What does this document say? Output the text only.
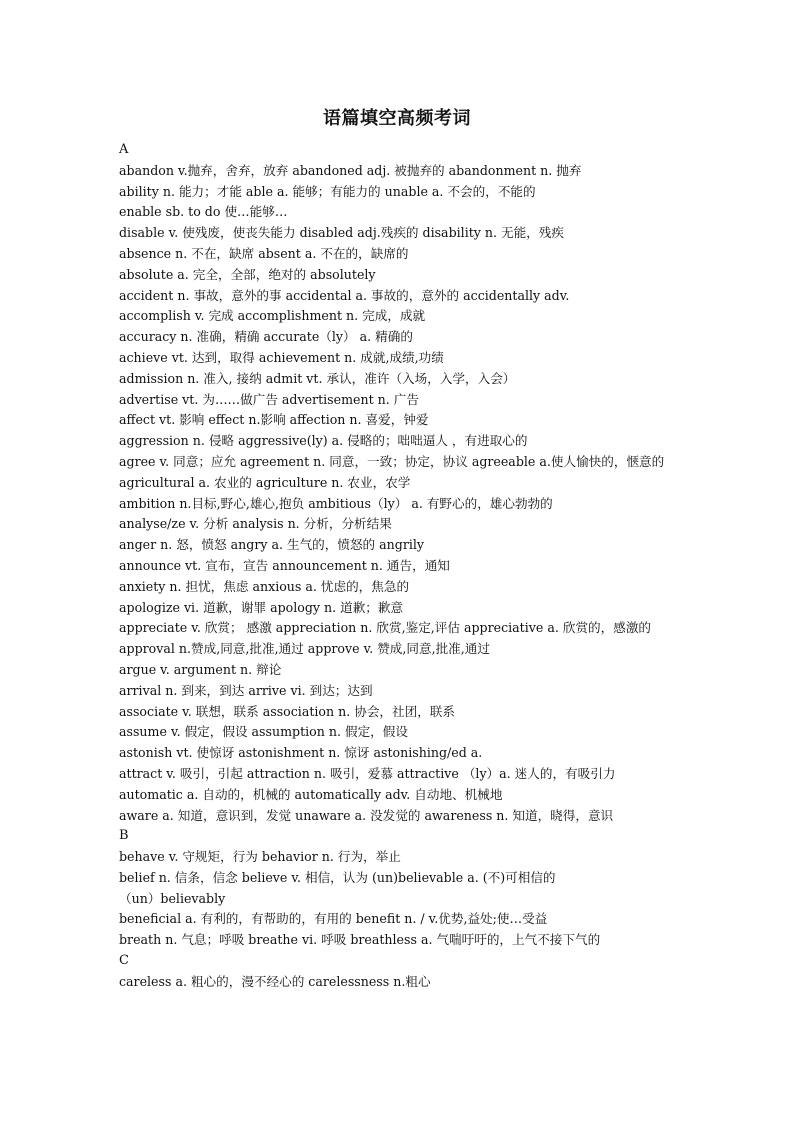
语篇填空高频考词
A
abandon v.抛弃，舍弃，放弃 abandoned adj. 被抛弃的 abandonment n. 抛弃
ability n. 能力；才能 able a. 能够；有能力的 unable a. 不会的，不能的
enable sb. to do 使…能够…
disable v. 使残废，使丧失能力 disabled adj.残疾的 disability n. 无能，残疾
absence n. 不在，缺席 absent a. 不在的，缺席的
absolute a. 完全，全部，绝对的 absolutely
accident n. 事故，意外的事 accidental a. 事故的，意外的 accidentally adv.
accomplish v. 完成 accomplishment n. 完成，成就
accuracy n. 准确，精确 accurate（ly） a. 精确的
achieve vt. 达到，取得 achievement n. 成就,成绩,功绩
admission n. 准入, 接纳 admit vt. 承认，准许（入场，入学，入会）
advertise vt. 为……做广告 advertisement n. 广告
affect vt. 影响 effect n.影响 affection n. 喜爱，钟爱
aggression n. 侵略 aggressive(ly) a. 侵略的；咄咄逼人 ，有进取心的
agree v. 同意；应允 agreement n. 同意，一致；协定，协议 agreeable a.使人愉快的，惬意的
agricultural a. 农业的 agriculture n. 农业，农学
ambition n.目标,野心,雄心,抱负 ambitious（ly） a. 有野心的，雄心勃勃的
analyse/ze v. 分析 analysis n. 分析，分析结果
anger n. 怒，愤怒 angry a. 生气的，愤怒的 angrily
announce vt. 宣布，宣告 announcement n. 通告，通知
anxiety n. 担忧，焦虑 anxious a. 忧虑的，焦急的
apologize vi. 道歉，谢罪 apology n. 道歉；歉意
appreciate v. 欣赏； 感激 appreciation n. 欣赏,鉴定,评估 appreciative a. 欣赏的，感激的
approval n.赞成,同意,批准,通过 approve v. 赞成,同意,批准,通过
argue v. argument n. 辩论
arrival n. 到来，到达 arrive vi. 到达；达到
associate v. 联想，联系 association n. 协会，社团，联系
assume v. 假定，假设 assumption n. 假定，假设
astonish vt. 使惊讶 astonishment n. 惊讶 astonishing/ed a.
attract v. 吸引，引起 attraction n. 吸引，爱慕 attractive （ly）a. 迷人的，有吸引力
automatic a. 自动的，机械的 automatically adv. 自动地、机械地
aware a. 知道，意识到，发觉 unaware a. 没发觉的 awareness n. 知道，晓得，意识
B
behave v. 守规矩，行为 behavior n. 行为，举止
belief n. 信条，信念 believe v. 相信，认为 (un)believable a. (不)可相信的
（un）believably
beneficial a. 有利的，有帮助的，有用的 benefit n. / v.优势,益处;使…受益
breath n. 气息；呼吸 breathe vi. 呼吸 breathless a. 气喘吁吁的，上气不接下气的
C
careless a. 粗心的，漫不经心的 carelessness n.粗心
